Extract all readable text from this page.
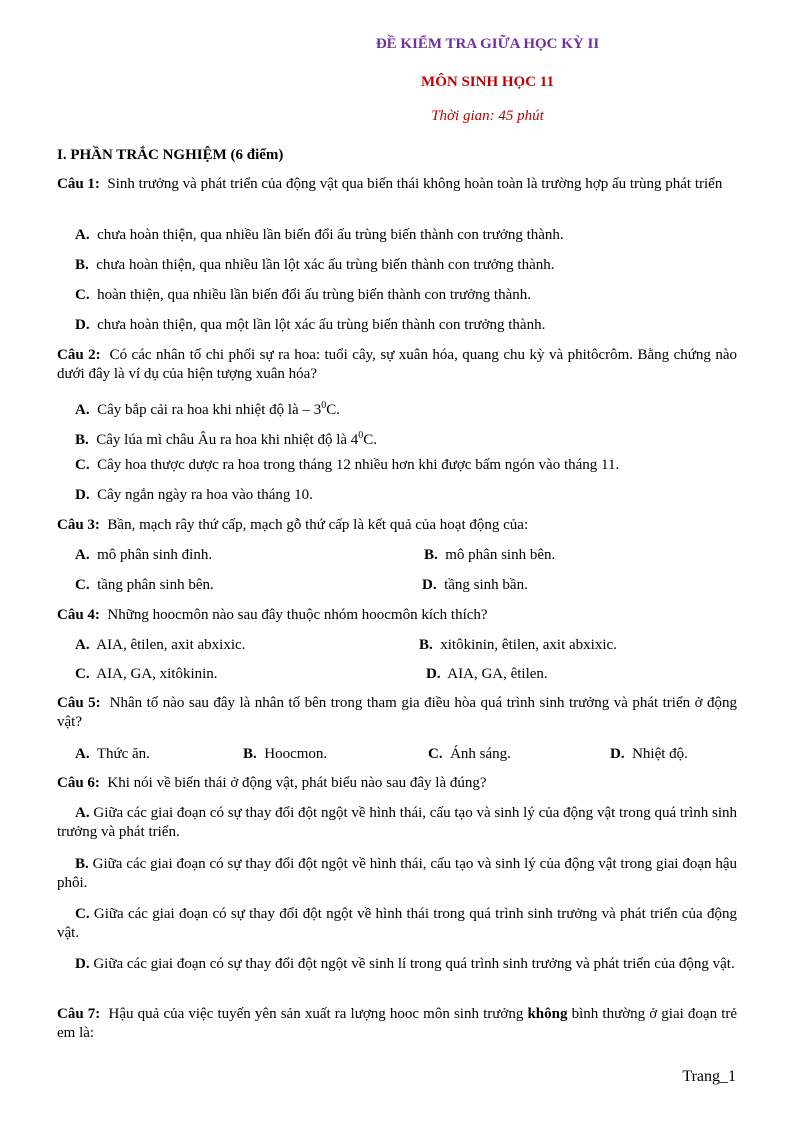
ĐỀ KIỂM TRA GIỮA HỌC KỲ II
MÔN SINH HỌC 11
Thời gian: 45 phút
I. PHẦN TRẮC NGHIỆM (6 điểm)
Câu 1: Sinh trưởng và phát triển của động vật qua biến thái không hoàn toàn là trường hợp ấu trùng phát triển
A. chưa hoàn thiện, qua nhiều lần biến đổi ấu trùng biến thành con trưởng thành.
B. chưa hoàn thiện, qua nhiều lần lột xác ấu trùng biến thành con trưởng thành.
C. hoàn thiện, qua nhiều lần biến đổi ấu trùng biến thành con trưởng thành.
D. chưa hoàn thiện, qua một lần lột xác ấu trùng biến thành con trưởng thành.
Câu 2: Có các nhân tố chi phối sự ra hoa: tuổi cây, sự xuân hóa, quang chu kỳ và phitôcrôm. Bằng chứng nào dưới đây là ví dụ của hiện tượng xuân hóa?
A. Cây bắp cải ra hoa khi nhiệt độ là – $3^0C$.
B. Cây lúa mì châu Âu ra hoa khi nhiệt độ là $4^0C$.
C. Cây hoa thược dược ra hoa trong tháng 12 nhiều hơn khi được bấm ngón vào tháng 11.
D. Cây ngắn ngày ra hoa vào tháng 10.
Câu 3: Bần, mạch rây thứ cấp, mạch gỗ thứ cấp là kết quả của hoạt động của:
A. mô phân sinh đỉnh.	B. mô phân sinh bên.
C. tầng phân sinh bên.	D. tầng sinh bần.
Câu 4: Những hoocmôn nào sau đây thuộc nhóm hoocmôn kích thích?
A. AIA, êtilen, axit abxixic.	B. xitôkinin, êtilen, axit abxixic.
C. AIA, GA, xitôkinin.	D. AIA, GA, êtilen.
Câu 5: Nhân tố nào sau đây là nhân tố bên trong tham gia điều hòa quá trình sinh trưởng và phát triển ở động vật?
A. Thức ăn.	B. Hoocmon.	C. Ánh sáng.	D. Nhiệt độ.
Câu 6: Khi nói về biến thái ở động vật, phát biểu nào sau đây là đúng?
A. Giữa các giai đoạn có sự thay đổi đột ngột về hình thái, cấu tạo và sinh lý của động vật trong quá trình sinh trưởng và phát triển.
B. Giữa các giai đoạn có sự thay đổi đột ngột về hình thái, cấu tạo và sinh lý của động vật trong giai đoạn hậu phôi.
C. Giữa các giai đoạn có sự thay đổi đột ngột về hình thái trong quá trình sinh trưởng và phát triển của động vật.
D. Giữa các giai đoạn có sự thay đổi đột ngột về sinh lí trong quá trình sinh trưởng và phát triển của động vật.
Câu 7: Hậu quả của việc tuyến yên sản xuất ra lượng hooc môn sinh trưởng không bình thường ở giai đoạn trẻ em là:
Trang_1
